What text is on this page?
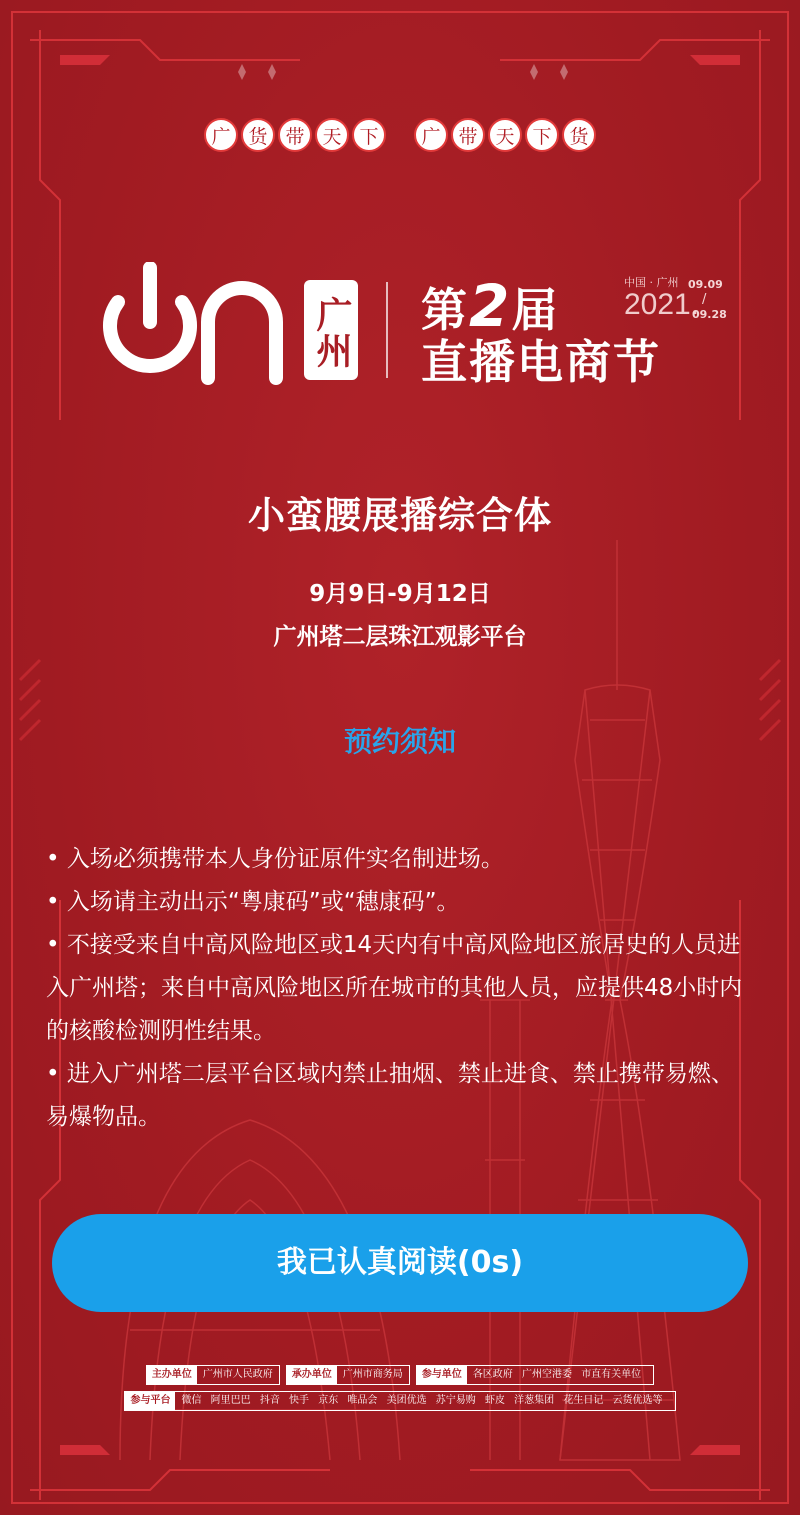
广 货 带 天 下	广 带 天 下 货
广州 第2届
直播电商节
中国 · 广州
2021.
09.09
09.28
/
小蛮腰展播综合体
9月9日-9月12日
广州塔二层珠江观影平台
预约须知
• 入场必须携带本人身份证原件实名制进场。
• 入场请主动出示“粤康码”或“穗康码”。
• 不接受来自中高风险地区或14天内有中高风险地区旅居史的人员进入广州塔；来自中高风险地区所在城市的其他人员，应提供48小时内的核酸检测阴性结果。
• 进入广州塔二层平台区域内禁止抽烟、禁止进食、禁止携带易燃、易爆物品。
我已认真阅读(0s)
主办单位	广州市人民政府	承办单位	广州市商务局	参与单位	各区政府 广州空港委 市直有关单位
参与平台	微信 阿里巴巴 抖音 快手 京东 唯品会 美团优选 苏宁易购 虾皮 洋葱集团 花生日记 云货优选等
